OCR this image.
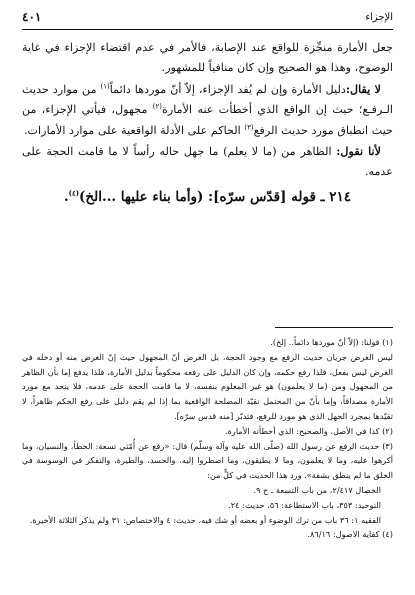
الإجزاء
٤٠١

جعل الأمارة منجِّزة للواقع عند الإصابة، فالأمر في عدم اقتضاء الإجزاء في غاية الوضوح، وهذا هو الصحيح وإن كان منافياً للمشهور.

لا يقال:دليل الأمارة وإن لم يُفد الإجزاء، إلاّ أنّ موردها دائماً$^{(١)}$ من موارد حديث الـرفـع؛ حيث إن الواقع الذي أخطأت عنه الأمارة$^{(٢)}$ مجهول، فيأتي الإجزاء، من حيث انطباق مورد حديث الرفع$^{(٣)}$ الحاكم على الأدلة الواقعية على موارد الأمارات.

لأنا نقول: الظاهر من (ما لا يعلم) ما جهل حاله رأساً لا ما قامت الحجة على عدمه.

٢١٤ ـ قوله [قدّس سرّه]: (وأما بناء عليها ...الخ)$^{(٤)}$.

(١) قولنا: (إلاّ أنّ موردها دائماً.. إلخ).

ليس الغرض جريان حديث الرفع مع وجود الحجة، بل الغرض أنّ المجهول حيث إنّ الغرض منه أو دخله في الغرض ليس بفعل، فلذا رفع حكمه، وإن كان الدليل على رفعه محكوماً بدليل الأمارة، فلذا يدفع إما بأن الظاهر من المجهول ومن (ما لا يعلمون) هو غير المعلوم بنفسه، لا ما قامت الحجة على عدمه، فلا يتحد مع مورد الأمارة مصداقاً، وإما بأنّ من المحتمل تقيّد المصلحة الواقعية بما إذا لم يقم دليل على رفع الحكم ظاهراً، لا تقيّدها بمجرد الجهل الذي هو مورد للرفع، فتدبّر [منه قدس سرّه].

(٢) كذا في الأصل، والصحيح: الذي أخطأته الأمارة.

(٣) حديث الرفع عن رسول الله (صلّى الله عليه وآله وسلّم) قال: «رفع عن أُمّتي تسعة: الخطأ، والنسيان، وما أكرهوا عليه، وما لا يعلمون، وما لا يطيقون، وما اضطروا إليه، والحسد، والطيرة، والتفكر في الوسوسة في الخلق ما لم ينطق بشفة». ورد هذا الحديث في كلٍّ من:

الخصال ٢/٤١٧، من باب التسعة ـ ح ٩.

التوحيد: ٣٥٣، باب الاستطاعة: ٥٦، حديث: ٢٤.

الفقيه ١: ٣٦ باب من ترك الوضوء أو بعضه أو شك فيه، حديث: ٤ والاختصاص: ٣١ ولم يذكر الثلاثة الأخيرة.

(٤) كفاية الاصول: ٨٦/١٦.
